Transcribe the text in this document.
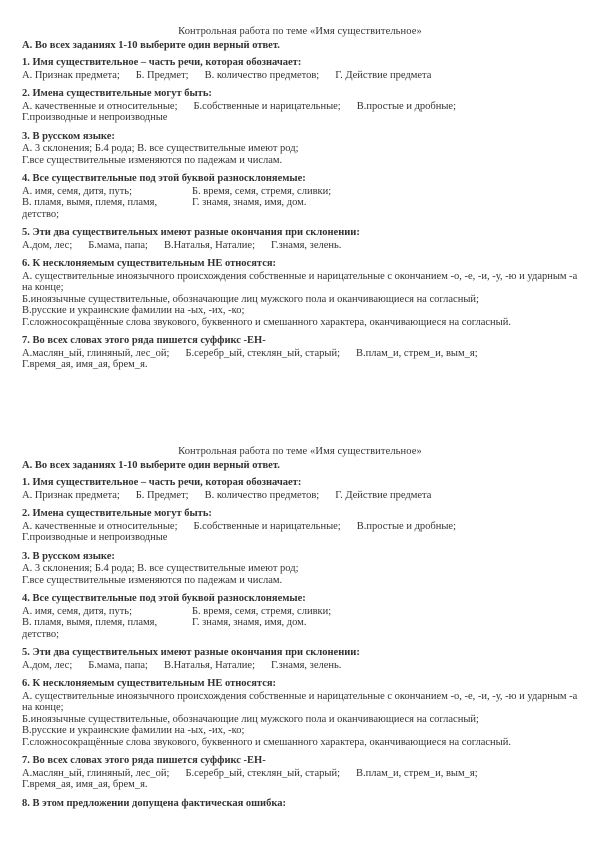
Контрольная работа по теме «Имя существительное»
А. Во всех заданиях 1-10 выберите один верный ответ.
1. Имя существительное – часть речи, которая обозначает:
А. Признак предмета; Б. Предмет; В. количество предметов; Г. Действие предмета
2. Имена существительные могут быть:
А. качественные и относительные; Б.собственные и нарицательные; В.простые и дробные;
Г.производные и непроизводные
3. В русском языке:
А. 3 склонения; Б.4 рода; В. все существительные имеют род;
Г.все существительные изменяются по падежам и числам.
4. Все существительные под этой буквой разносклоняемые:
А. имя, семя, дитя, путь;	Б. время, семя, стремя, сливки;
В. пламя, вымя, племя, пламя, детство;
Г. знамя, знамя, имя, дом.
5. Эти два существительных имеют разные окончания при склонении:
А.дом, лес; Б.мама, папа; В.Наталья, Наталие; Г.знамя, зелень.
6. К несклоняемым существительным НЕ относятся:
А. существительные иноязычного происхождения собственные и нарицательные с окончанием -о, -е, -и, -у, -ю и ударным -а на конце;
Б.иноязычные существительные, обозначающие лиц мужского пола и оканчивающиеся на согласный;
В.русские и украинские фамилии на -ых, -их, -ко;
Г.сложносокращённые слова звукового, буквенного и смешанного характера, оканчивающиеся на согласный.
7. Во всех словах этого ряда пишется суффикс -ЕН-
А.маслян_ый, глиняный, лес_ой; Б.серебр_ый, стеклян_ый, старый; В.плам_и, стрем_и, вым_я;
Г.время_ая, имя_ая, брем_я.
Контрольная работа по теме «Имя существительное»
А. Во всех заданиях 1-10 выберите один верный ответ.
1. Имя существительное – часть речи, которая обозначает:
А. Признак предмета; Б. Предмет; В. количество предметов; Г. Действие предмета
2. Имена существительные могут быть:
А. качественные и относительные; Б.собственные и нарицательные; В.простые и дробные;
Г.производные и непроизводные
3. В русском языке:
А. 3 склонения; Б.4 рода; В. все существительные имеют род;
Г.все существительные изменяются по падежам и числам.
4. Все существительные под этой буквой разносклоняемые:
А. имя, семя, дитя, путь;	Б. время, семя, стремя, сливки;
В. пламя, вымя, племя, пламя, детство;
Г. знамя, знамя, имя, дом.
5. Эти два существительных имеют разные окончания при склонении:
А.дом, лес; Б.мама, папа; В.Наталья, Наталие; Г.знамя, зелень.
6. К несклоняемым существительным НЕ относятся:
А. существительные иноязычного происхождения собственные и нарицательные с окончанием -о, -е, -и, -у, -ю и ударным -а на конце;
Б.иноязычные существительные, обозначающие лиц мужского пола и оканчивающиеся на согласный;
В.русские и украинские фамилии на -ых, -их, -ко;
Г.сложносокращённые слова звукового, буквенного и смешанного характера, оканчивающиеся на согласный.
7. Во всех словах этого ряда пишется суффикс -ЕН-
А.маслян_ый, глиняный, лес_ой; Б.серебр_ый, стеклян_ый, старый; В.плам_и, стрем_и, вым_я;
Г.время_ая, имя_ая, брем_я.
8. В этом предложении допущена фактическая ошибка:
